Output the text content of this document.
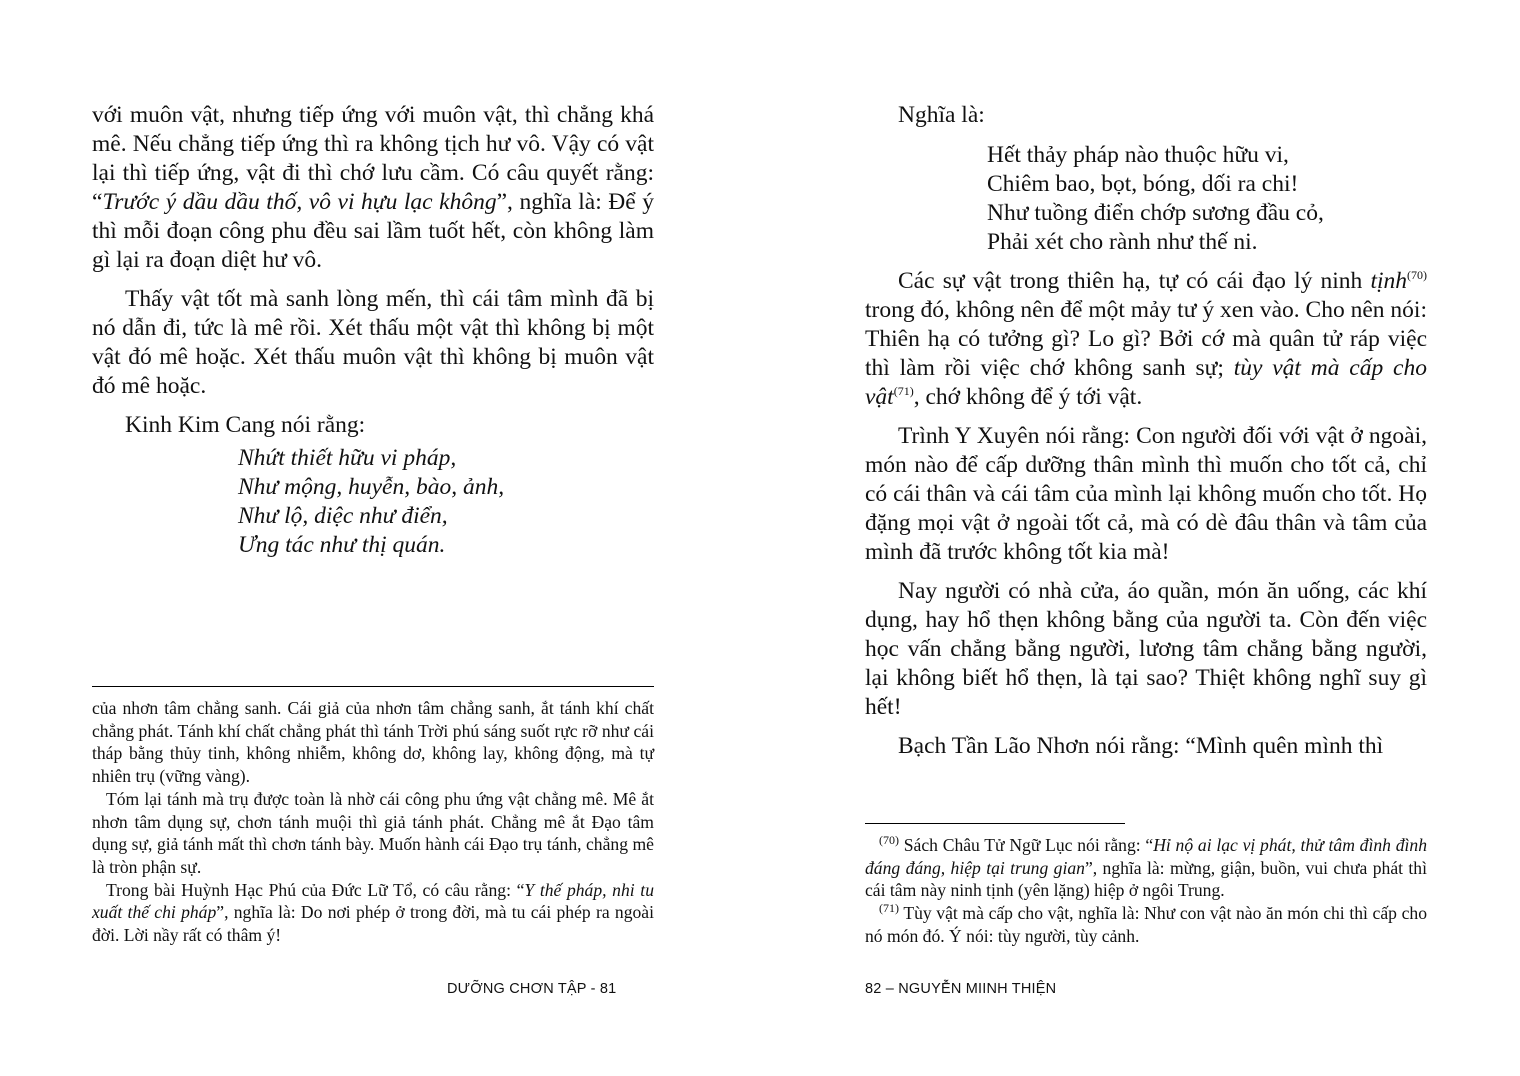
với muôn vật, nhưng tiếp ứng với muôn vật, thì chẳng khá mê. Nếu chẳng tiếp ứng thì ra không tịch hư vô. Vậy có vật lại thì tiếp ứng, vật đi thì chớ lưu cầm. Có câu quyết rằng: “Trước ý dầu dầu thố, vô vi hựu lạc không”, nghĩa là: Để ý thì mỗi đoạn công phu đều sai lầm tuốt hết, còn không làm gì lại ra đoạn diệt hư vô.

Thấy vật tốt mà sanh lòng mến, thì cái tâm mình đã bị nó dẫn đi, tức là mê rồi. Xét thấu một vật thì không bị một vật đó mê hoặc. Xét thấu muôn vật thì không bị muôn vật đó mê hoặc.

Kinh Kim Cang nói rằng:

Nhứt thiết hữu vi pháp,
Như mộng, huyễn, bào, ảnh,
Như lộ, diệc như điển,
Ưng tác như thị quán.

của nhơn tâm chẳng sanh. Cái giả của nhơn tâm chẳng sanh, ắt tánh khí chất chẳng phát. Tánh khí chất chẳng phát thì tánh Trời phú sáng suốt rực rỡ như cái tháp bằng thủy tinh, không nhiễm, không dơ, không lay, không động, mà tự nhiên trụ (vững vàng).

Tóm lại tánh mà trụ được toàn là nhờ cái công phu ứng vật chẳng mê. Mê ắt nhơn tâm dụng sự, chơn tánh muội thì giả tánh phát. Chẳng mê ắt Đạo tâm dụng sự, giả tánh mất thì chơn tánh bày. Muốn hành cái Đạo trụ tánh, chẳng mê là tròn phận sự.

Trong bài Huỳnh Hạc Phú của Đức Lữ Tổ, có câu rằng: “Y thế pháp, nhi tu xuất thế chi pháp”, nghĩa là: Do nơi phép ở trong đời, mà tu cái phép ra ngoài đời. Lời nầy rất có thâm ý!

DƯỠNG CHƠN TẬP - 81

Nghĩa là:

Hết thảy pháp nào thuộc hữu vi,
Chiêm bao, bọt, bóng, dối ra chi!
Như tuồng điển chớp sương đầu cỏ,
Phải xét cho rành như thế ni.

Các sự vật trong thiên hạ, tự có cái đạo lý ninh tịnh$^{(70)}$ trong đó, không nên để một mảy tư ý xen vào. Cho nên nói: Thiên hạ có tưởng gì? Lo gì? Bởi cớ mà quân tử ráp việc thì làm rồi việc chớ không sanh sự; tùy vật mà cấp cho vật$^{(71)}$, chớ không để ý tới vật.

Trình Y Xuyên nói rằng: Con người đối với vật ở ngoài, món nào để cấp dưỡng thân mình thì muốn cho tốt cả, chỉ có cái thân và cái tâm của mình lại không muốn cho tốt. Họ đặng mọi vật ở ngoài tốt cả, mà có dè đâu thân và tâm của mình đã trước không tốt kia mà!

Nay người có nhà cửa, áo quần, món ăn uống, các khí dụng, hay hổ thẹn không bằng của người ta. Còn đến việc học vấn chẳng bằng người, lương tâm chẳng bằng người, lại không biết hổ thẹn, là tại sao? Thiệt không nghĩ suy gì hết!

Bạch Tần Lão Nhơn nói rằng: “Mình quên mình thì

$^{(70)}$ Sách Châu Tử Ngữ Lục nói rằng: “Hỉ nộ ai lạc vị phát, thử tâm đình đình đáng đáng, hiệp tại trung gian”, nghĩa là: mừng, giận, buồn, vui chưa phát thì cái tâm này ninh tịnh (yên lặng) hiệp ở ngôi Trung.

$^{(71)}$ Tùy vật mà cấp cho vật, nghĩa là: Như con vật nào ăn món chi thì cấp cho nó món đó. Ý nói: tùy người, tùy cảnh.

82 – NGUYỄN MIINH THIỆN
